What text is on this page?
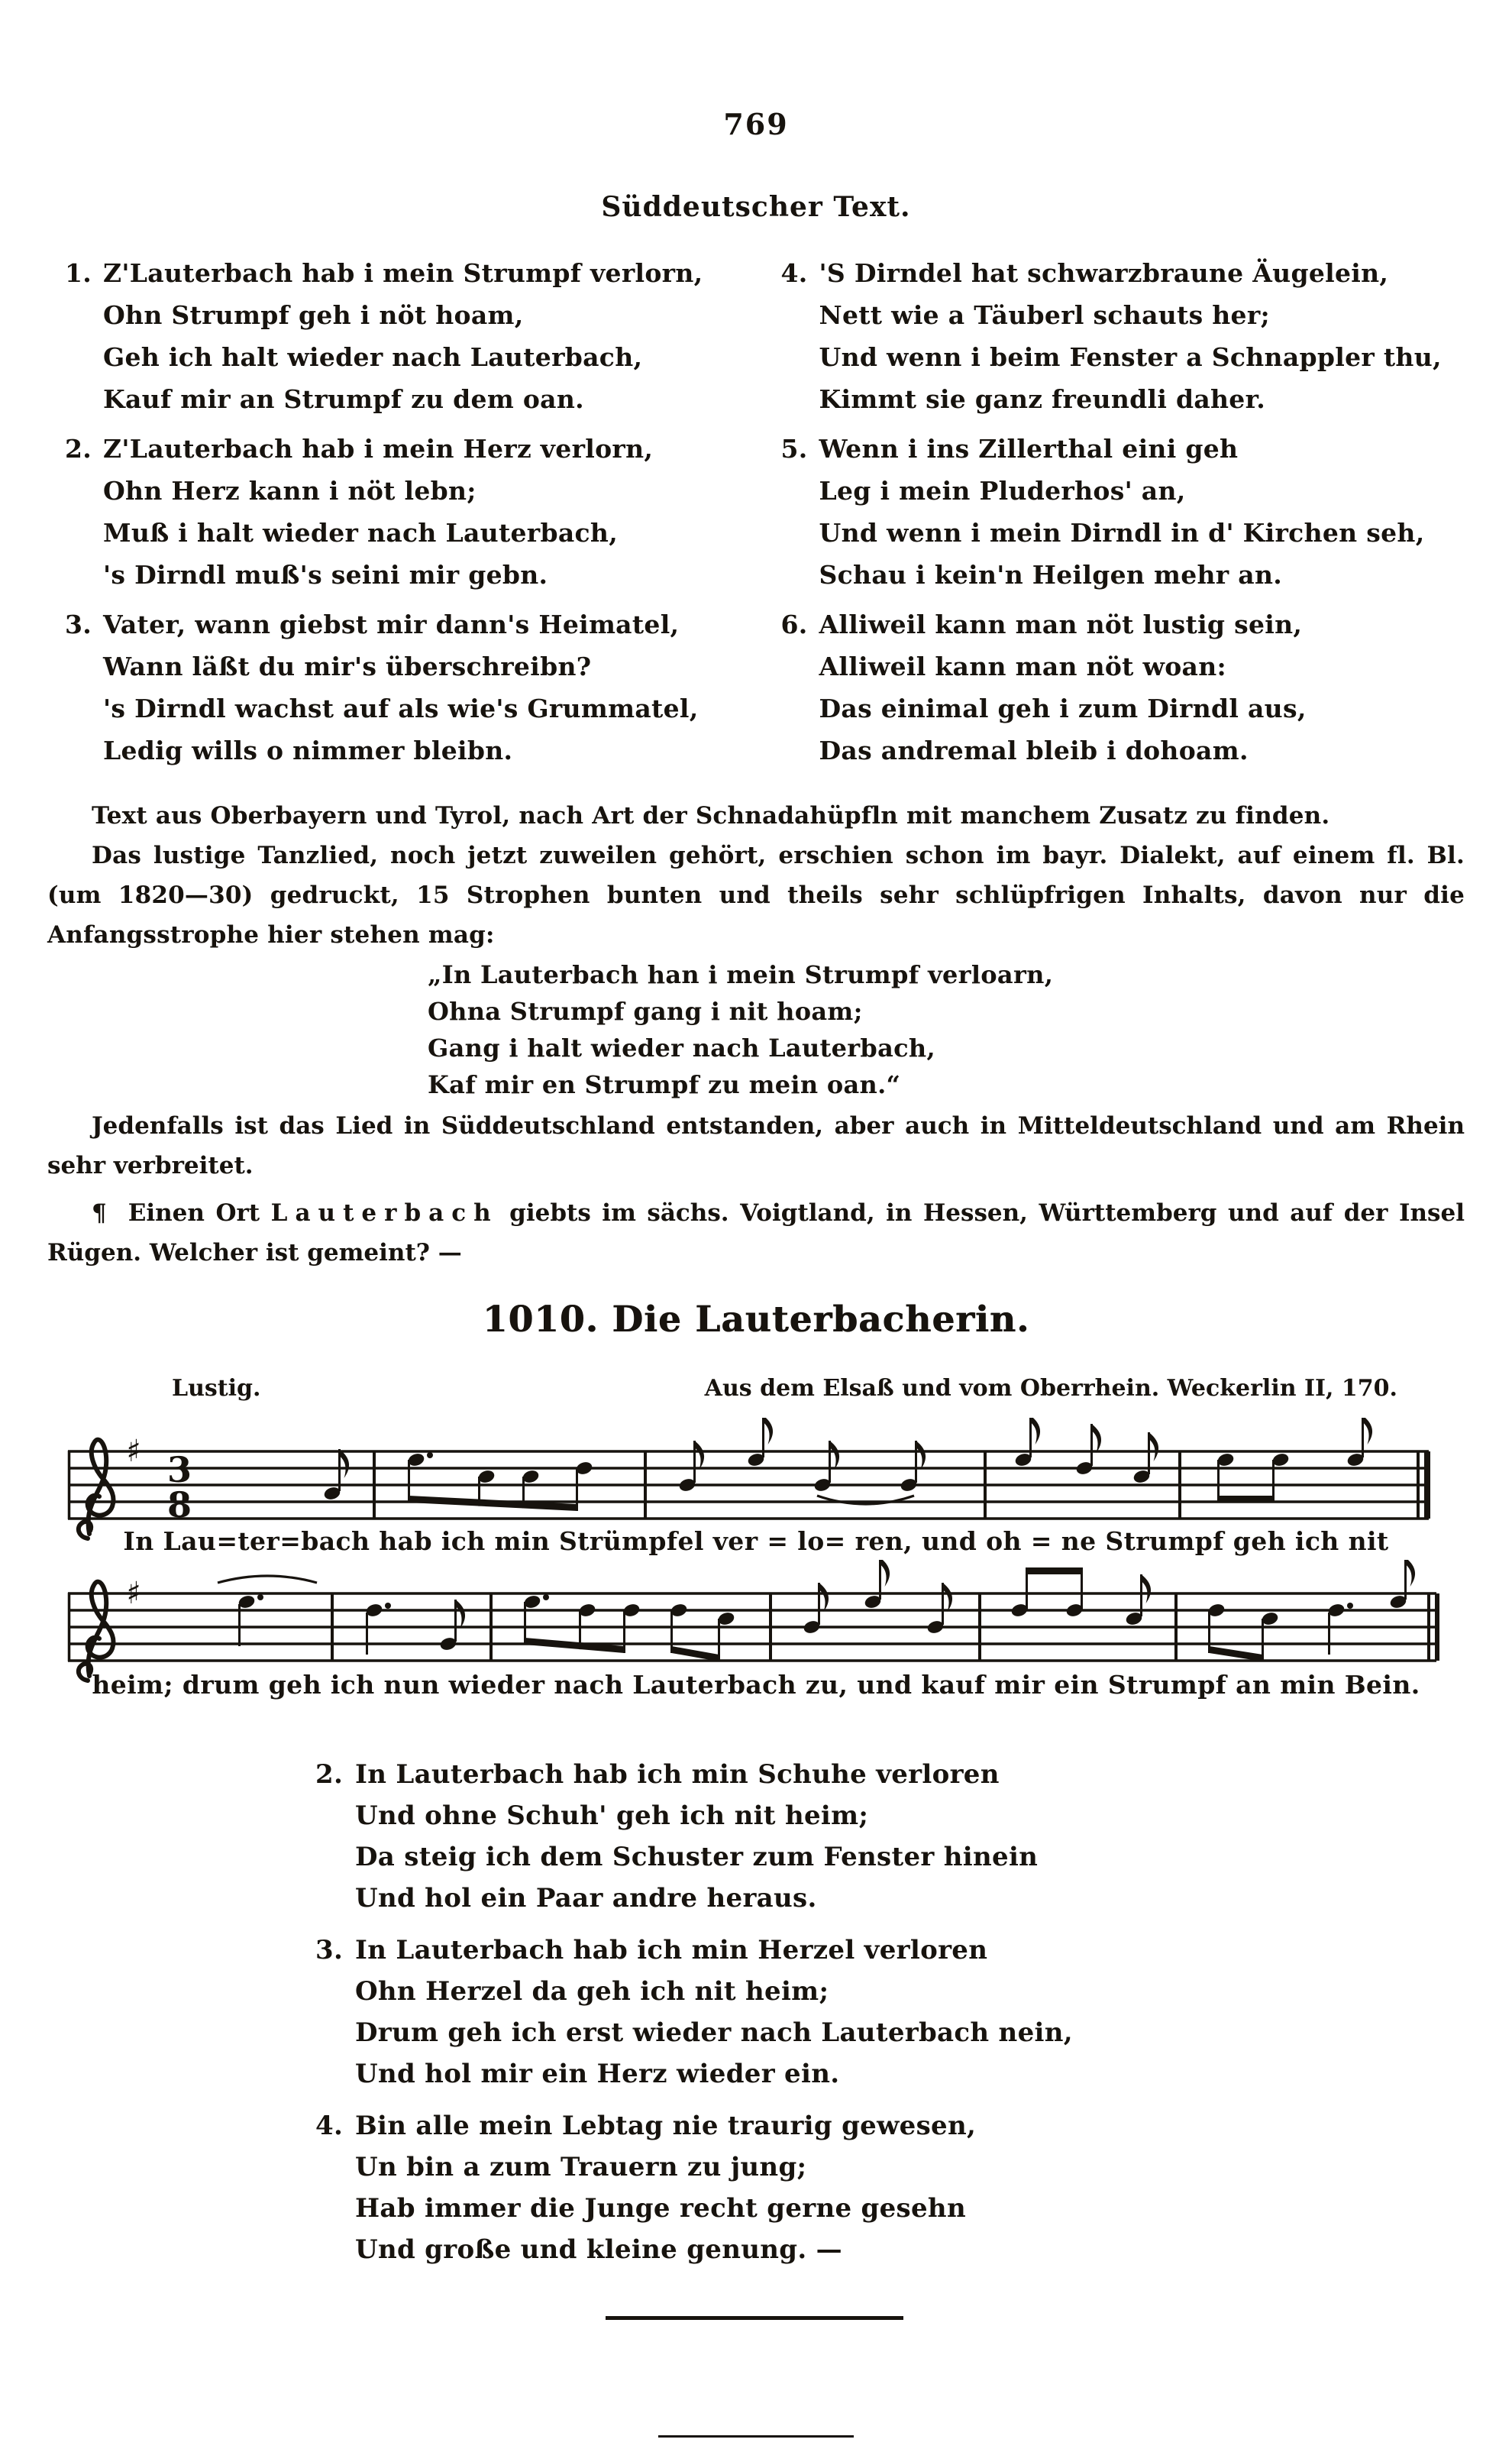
769
Süddeutscher Text.
1. Z'Lauterbach hab i mein Strumpf verlorn,
Ohn Strumpf geh i nöt hoam,
Geh ich halt wieder nach Lauterbach,
Kauf mir an Strumpf zu dem oan.
2. Z'Lauterbach hab i mein Herz verlorn,
Ohn Herz kann i nöt lebn;
Muß i halt wieder nach Lauterbach,
's Dirndl muß's seini mir gebn.
3. Vater, wann giebst mir dann's Heimatel,
Wann läßt du mir's überschreibn?
's Dirndl wachst auf als wie's Grummatel,
Ledig wills o nimmer bleibn.
4. 'S Dirndel hat schwarzbraune Äugelein,
Nett wie a Täuberl schauts her;
Und wenn i beim Fenster a Schnappler thu,
Kimmt sie ganz freundli daher.
5. Wenn i ins Zillerthal eini geh
Leg i mein Pluderhos' an,
Und wenn i mein Dirndl in d' Kirchen seh,
Schau i kein'n Heilgen mehr an.
6. Alliweil kann man nöt lustig sein,
Alliweil kann man nöt woan:
Das einimal geh i zum Dirndl aus,
Das andremal bleib i dohoam.

Text aus Oberbayern und Tyrol, nach Art der Schnadahüpfln mit manchem Zusatz zu finden.

Das lustige Tanzlied, noch jetzt zuweilen gehört, erschien schon im bayr. Dialekt, auf einem fl. Bl. (um 1820—30) gedruckt, 15 Strophen bunten und theils sehr schlüpfrigen Inhalts, davon nur die Anfangsstrophe hier stehen mag:

„In Lauterbach han i mein Strumpf verloarn,
Ohna Strumpf gang i nit hoam;
Gang i halt wieder nach Lauterbach,
Kaf mir en Strumpf zu mein oan.“
Jedenfalls ist das Lied in Süddeutschland entstanden, aber auch in Mitteldeutschland und am Rhein sehr verbreitet.
¶ Einen Ort Lauterbach giebts im sächs. Voigtland, in Hessen, Württemberg und auf der Insel Rügen. Welcher ist gemeint? —
1010. Die Lauterbacherin.
Lustig.	Aus dem Elsaß und vom Oberrhein. Weckerlin II, 170.
♯ 3
8
In Lau=ter=bach hab ich min Strümpfel ver = lo= ren, und oh = ne Strumpf geh ich nit
♯
heim; drum geh ich nun wieder nach Lauterbach zu, und kauf mir ein Strumpf an min Bein.
2. In Lauterbach hab ich min Schuhe verloren
Und ohne Schuh' geh ich nit heim;
Da steig ich dem Schuster zum Fenster hinein
Und hol ein Paar andre heraus.
3. In Lauterbach hab ich min Herzel verloren
Ohn Herzel da geh ich nit heim;
Drum geh ich erst wieder nach Lauterbach nein,
Und hol mir ein Herz wieder ein.
4. Bin alle mein Lebtag nie traurig gewesen,
Un bin a zum Trauern zu jung;
Hab immer die Junge recht gerne gesehn
Und große und kleine genung. —
